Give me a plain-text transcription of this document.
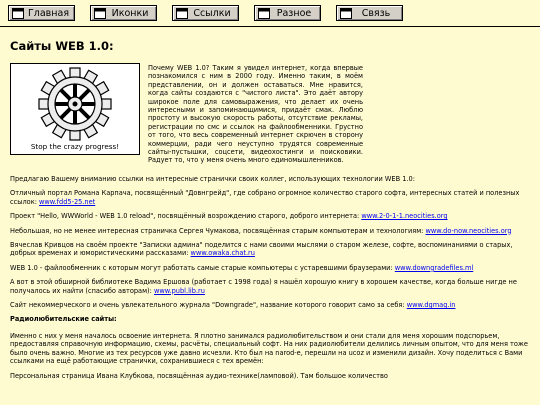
Главная	Иконки	Ссылки	Разное	Связь
Сайты WEB 1.0:
Stop the crazy progress!
Почему WEB 1.0? Таким я увидел интернет, когда впервые познакомился с ним в 2000 году. Именно таким, в моём представлении, он и должен оставаться. Мне нравится, когда сайты создаются с "чистого листа". Это даёт автору широкое поле для самовыражения, что делает их очень интересными и запоминающимися, придаёт смак. Люблю простоту и высокую скорость работы, отсутствие рекламы, регистрации по смс и ссылок на файлообменники. Грустно от того, что весь современный интернет скрючен в сторону коммерции, ради чего неуступно трудятся современные сайты-пустышки, соцсети, видеохостинги и поисковики. Радует то, что у меня очень много единомышленников.

Предлагаю Вашему вниманию ссылки на интересные странички своих коллег, использующих технологии WEB 1.0:

Отличный портал Романа Карпача, посвящённый "Довнгрейд", где собрано огромное количество старого софта, интересных статей и полезных ссылок: www.fdd5-25.net

Проект "Hello, WWWorld - WEB 1.0 reload", посвящённый возрождению старого, доброго интернета: www.2-0-1-1.neocities.org

Небольшая, но не менее интересная страничка Сергея Чумакова, посвящённая старым компьютерам и технологиям: www.do-now.neocities.org

Вячеслав Кривцов на своём проекте "Записки админа" поделится с нами своими мыслями о старом железе, софте, воспоминаниями о старых, добрых временах и юмористическими рассказами: www.owaka.chat.ru

WEB 1.0 - файлообменник с которым могут работать самые старые компьютеры с устаревшими браузерами: www.downgradefiles.ml

А вот в этой обширной библиотеке Вадима Ершова (работает с 1998 года) я нашёл хорошую книгу в хорошем качестве, когда больше нигде не получалось их найти (спасибо авторам): www.publ.lib.ru

Сайт некоммерческого и очень увлекательного журнала "Downgrade", название которого говорит само за себя: www.dgmag.in

Радиолюбительские сайты:

Именно с них у меня началось освоение интернета. Я плотно занимался радиолюбительством и они стали для меня хорошим подспорьем, предоставляя справочную информацию, схемы, расчёты, специальный софт. На них радиолюбители делились личным опытом, что для меня тоже было очень важно. Многие из тех ресурсов уже давно исчезли. Кто был на narod-е, перешли на ucoz и изменили дизайн. Хочу поделиться с Вами ссылками на ещё работающие странички, сохранившиеся с тех времён:

Персональная страница Ивана Клубкова, посвящённая аудио-технике(ламповой). Там большое количество
